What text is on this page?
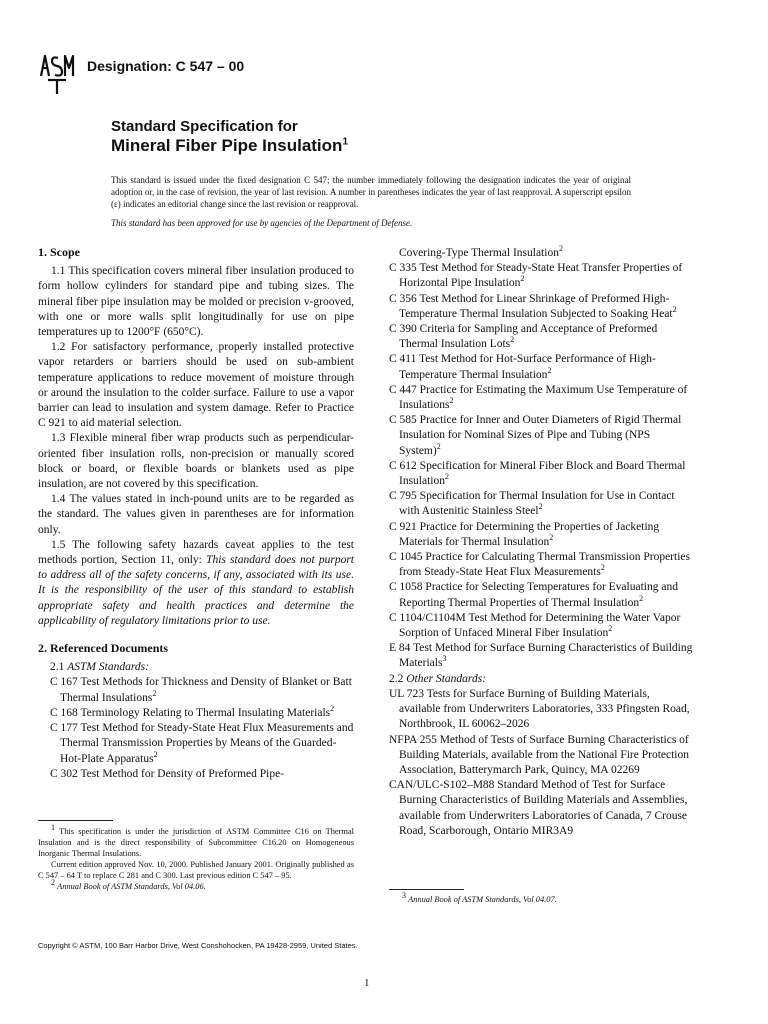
Designation: C 547 – 00
Standard Specification for
Mineral Fiber Pipe Insulation$^1$
This standard is issued under the fixed designation C 547; the number immediately following the designation indicates the year of original adoption or, in the case of revision, the year of last revision. A number in parentheses indicates the year of last reapproval. A superscript epsilon (ε) indicates an editorial change since the last revision or reapproval.
This standard has been approved for use by agencies of the Department of Defense.
1. Scope

1.1 This specification covers mineral fiber insulation produced to form hollow cylinders for standard pipe and tubing sizes. The mineral fiber pipe insulation may be molded or precision v-grooved, with one or more walls split longitudinally for use on pipe temperatures up to 1200°F (650°C).

1.2 For satisfactory performance, properly installed protective vapor retarders or barriers should be used on sub-ambient temperature applications to reduce movement of moisture through or around the insulation to the colder surface. Failure to use a vapor barrier can lead to insulation and system damage. Refer to Practice C 921 to aid material selection.

1.3 Flexible mineral fiber wrap products such as perpendicular-oriented fiber insulation rolls, non-precision or manually scored block or board, or flexible boards or blankets used as pipe insulation, are not covered by this specification.

1.4 The values stated in inch-pound units are to be regarded as the standard. The values given in parentheses are for information only.

1.5 The following safety hazards caveat applies to the test methods portion, Section 11, only: This standard does not purport to address all of the safety concerns, if any, associated with its use. It is the responsibility of the user of this standard to establish appropriate safety and health practices and determine the applicability of regulatory limitations prior to use.

2. Referenced Documents

2.1 ASTM Standards:

C 167 Test Methods for Thickness and Density of Blanket or Batt Thermal Insulations$^2$

C 168 Terminology Relating to Thermal Insulating Materials$^2$

C 177 Test Method for Steady-State Heat Flux Measurements and Thermal Transmission Properties by Means of the Guarded-Hot-Plate Apparatus$^2$

C 302 Test Method for Density of Preformed Pipe-

Covering-Type Thermal Insulation$^2$

C 335 Test Method for Steady-State Heat Transfer Properties of Horizontal Pipe Insulation$^2$

C 356 Test Method for Linear Shrinkage of Preformed High-Temperature Thermal Insulation Subjected to Soaking Heat$^2$

C 390 Criteria for Sampling and Acceptance of Preformed Thermal Insulation Lots$^2$

C 411 Test Method for Hot-Surface Performance of High-Temperature Thermal Insulation$^2$

C 447 Practice for Estimating the Maximum Use Temperature of Insulations$^2$

C 585 Practice for Inner and Outer Diameters of Rigid Thermal Insulation for Nominal Sizes of Pipe and Tubing (NPS System)$^2$

C 612 Specification for Mineral Fiber Block and Board Thermal Insulation$^2$

C 795 Specification for Thermal Insulation for Use in Contact with Austenitic Stainless Steel$^2$

C 921 Practice for Determining the Properties of Jacketing Materials for Thermal Insulation$^2$

C 1045 Practice for Calculating Thermal Transmission Properties from Steady-State Heat Flux Measurements$^2$

C 1058 Practice for Selecting Temperatures for Evaluating and Reporting Thermal Properties of Thermal Insulation$^2$

C 1104/C1104M Test Method for Determining the Water Vapor Sorption of Unfaced Mineral Fiber Insulation$^2$

E 84 Test Method for Surface Burning Characteristics of Building Materials$^3$

2.2 Other Standards:

UL 723 Tests for Surface Burning of Building Materials, available from Underwriters Laboratories, 333 Pfingsten Road, Northbrook, IL 60062–2026

NFPA 255 Method of Tests of Surface Burning Characteristics of Building Materials, available from the National Fire Protection Association, Batterymarch Park, Quincy, MA 02269

CAN/ULC-S102–M88 Standard Method of Test for Surface Burning Characteristics of Building Materials and Assemblies, available from Underwriters Laboratories of Canada, 7 Crouse Road, Scarborough, Ontario MIR3A9

$^1$ This specification is under the jurisdiction of ASTM Committee C16 on Thermal Insulation and is the direct responsibility of Subcommittee C16.20 on Homogeneous Inorganic Thermal Insulations.

Current edition approved Nov. 10, 2000. Published January 2001. Originally published as C 547 – 64 T to replace C 281 and C 300. Last previous edition C 547 – 95.

$^2$ Annual Book of ASTM Standards, Vol 04.06.

$^3$ Annual Book of ASTM Standards, Vol 04.07.

Copyright © ASTM, 100 Barr Harbor Drive, West Conshohocken, PA 19428-2959, United States.
1
